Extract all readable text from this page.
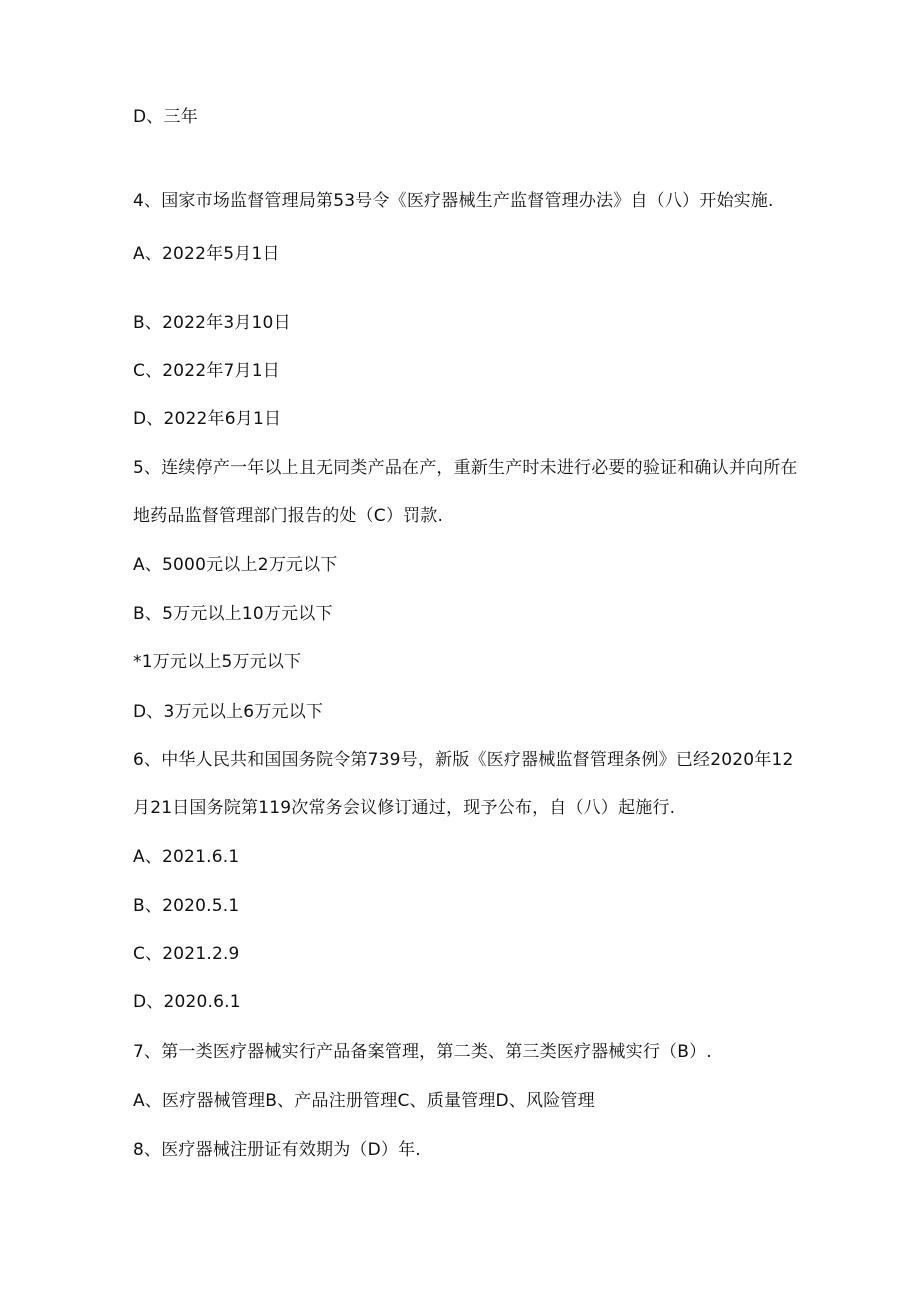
D、三年
4、国家市场监督管理局第53号令《医疗器械生产监督管理办法》自（八）开始实施.
A、2022年5月1日
B、2022年3月10日
C、2022年7月1日
D、2022年6月1日
5、连续停产一年以上且无同类产品在产，重新生产时未进行必要的验证和确认并向所在
地药品监督管理部门报告的处（C）罚款.
A、5000元以上2万元以下
B、5万元以上10万元以下
*1万元以上5万元以下
D、3万元以上6万元以下
6、中华人民共和国国务院令第739号，新版《医疗器械监督管理条例》已经2020年12
月21日国务院第119次常务会议修订通过，现予公布，自（八）起施行.
A、2021.6.1
B、2020.5.1
C、2021.2.9
D、2020.6.1
7、第一类医疗器械实行产品备案管理，第二类、第三类医疗器械实行（B）.
A、医疗器械管理B、产品注册管理C、质量管理D、风险管理
8、医疗器械注册证有效期为（D）年.
